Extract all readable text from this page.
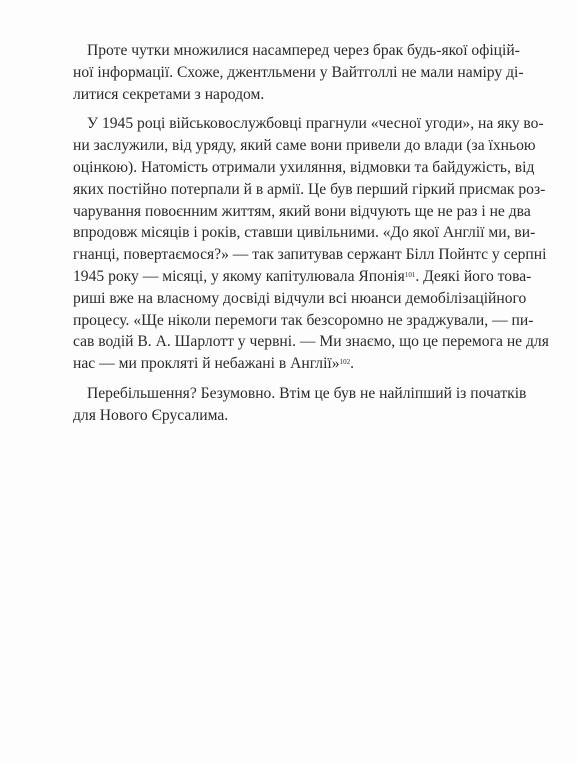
Проте чутки множилися насамперед через брак будь-якої офіцій-
ної інформації. Схоже, джентльмени у Вайтголлі не мали наміру ді-
литися секретами з народом.
У 1945 році військовослужбовці прагнули «чесної угоди», на яку во-
ни заслужили, від уряду, який саме вони привели до влади (за їхньою
оцінкою). Натомість отримали ухиляння, відмовки та байдужість, від
яких постійно потерпали й в армії. Це був перший гіркий присмак роз-
чарування повоєнним життям, який вони відчують ще не раз і не два
впродовж місяців і років, ставши цивільними. «До якої Англії ми, ви-
гнанці, повертаємося?» — так запитував сержант Білл Пойнтс у серпні
1945 року — місяці, у якому капітулювала Японія$^{101}$. Деякі його това-
риші вже на власному досвіді відчули всі нюанси демобілізаційного
процесу. «Ще ніколи перемоги так безсоромно не зраджували, — пи-
сав водій В. А. Шарлотт у червні. — Ми знаємо, що це перемога не для
нас — ми прокляті й небажані в Англії»$^{102}$.
Перебільшення? Безумовно. Втім це був не найліпший із початків
для Нового Єрусалима.
